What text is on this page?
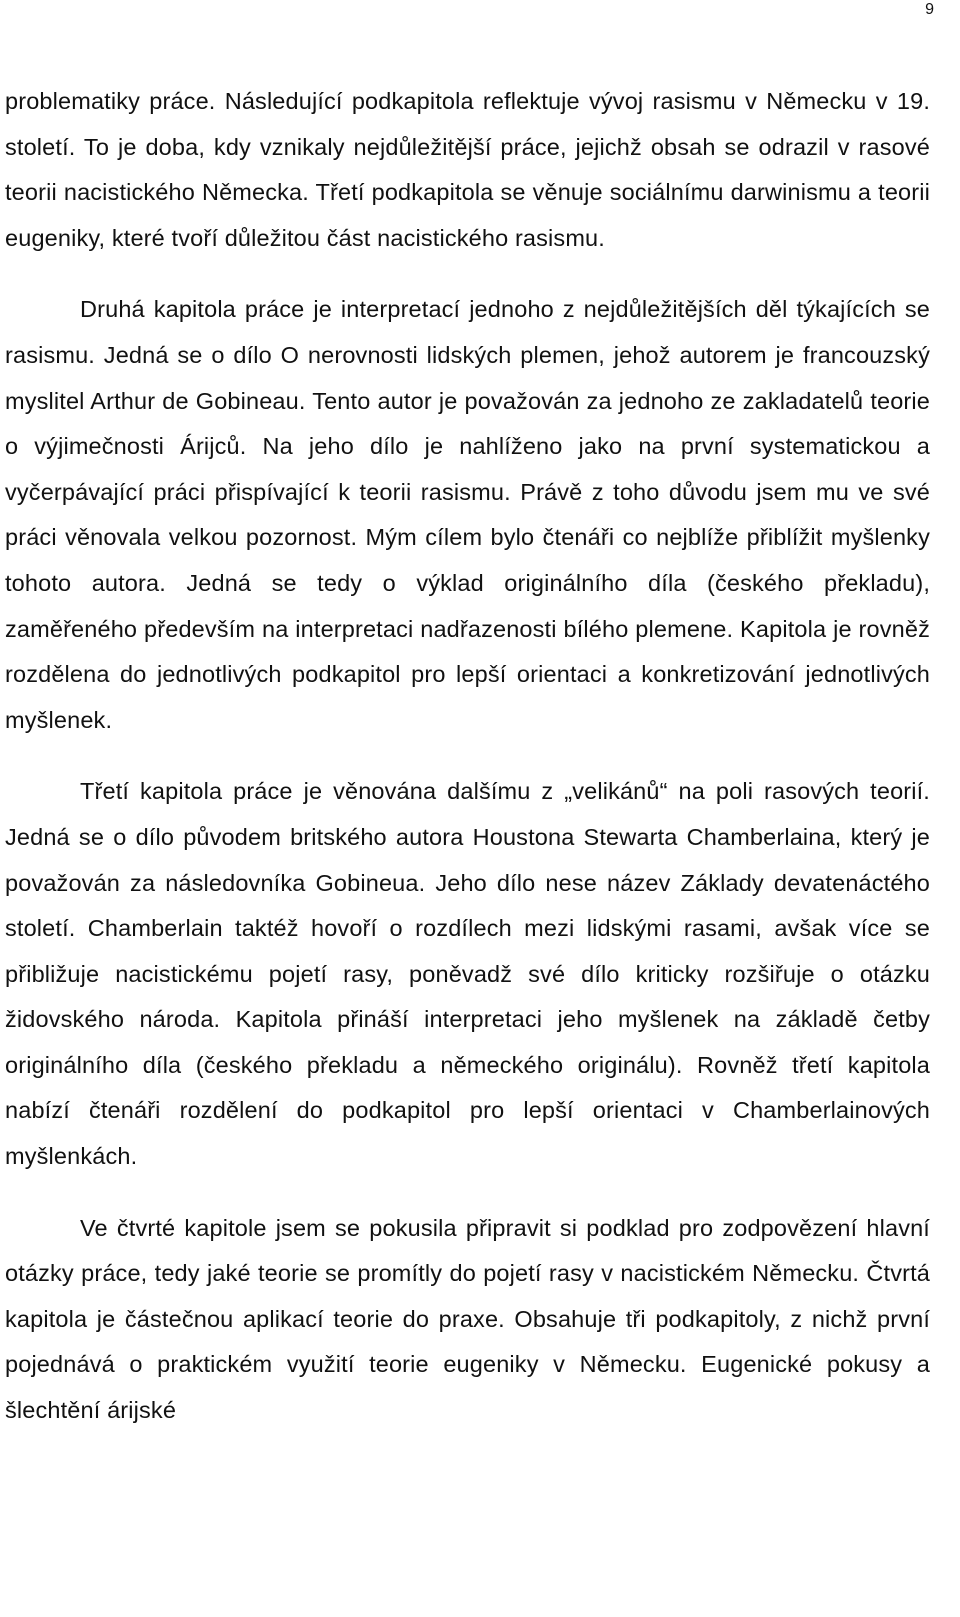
9

problematiky práce. Následující podkapitola reflektuje vývoj rasismu v Německu v 19. století. To je doba, kdy vznikaly nejdůležitější práce, jejichž obsah se odrazil v rasové teorii nacistického Německa. Třetí podkapitola se věnuje sociálnímu darwinismu a teorii eugeniky, které tvoří důležitou část nacistického rasismu.

Druhá kapitola práce je interpretací jednoho z nejdůležitějších děl týkajících se rasismu. Jedná se o dílo O nerovnosti lidských plemen, jehož autorem je francouzský myslitel Arthur de Gobineau. Tento autor je považován za jednoho ze zakladatelů teorie o výjimečnosti Árijců. Na jeho dílo je nahlíženo jako na první systematickou a vyčerpávající práci přispívající k teorii rasismu. Právě z toho důvodu jsem mu ve své práci věnovala velkou pozornost. Mým cílem bylo čtenáři co nejblíže přiblížit myšlenky tohoto autora. Jedná se tedy o výklad originálního díla (českého překladu), zaměřeného především na interpretaci nadřazenosti bílého plemene. Kapitola je rovněž rozdělena do jednotlivých podkapitol pro lepší orientaci a konkretizování jednotlivých myšlenek.

Třetí kapitola práce je věnována dalšímu z „velikánů“ na poli rasových teorií. Jedná se o dílo původem britského autora Houstona Stewarta Chamberlaina, který je považován za následovníka Gobineua. Jeho dílo nese název Základy devatenáctého století. Chamberlain taktéž hovoří o rozdílech mezi lidskými rasami, avšak více se přibližuje nacistickému pojetí rasy, poněvadž své dílo kriticky rozšiřuje o otázku židovského národa. Kapitola přináší interpretaci jeho myšlenek na základě četby originálního díla (českého překladu a německého originálu). Rovněž třetí kapitola nabízí čtenáři rozdělení do podkapitol pro lepší orientaci v Chamberlainových myšlenkách.

Ve čtvrté kapitole jsem se pokusila připravit si podklad pro zodpovězení hlavní otázky práce, tedy jaké teorie se promítly do pojetí rasy v nacistickém Německu. Čtvrtá kapitola je částečnou aplikací teorie do praxe. Obsahuje tři podkapitoly, z nichž první pojednává o praktickém využití teorie eugeniky v Německu. Eugenické pokusy a šlechtění árijské
